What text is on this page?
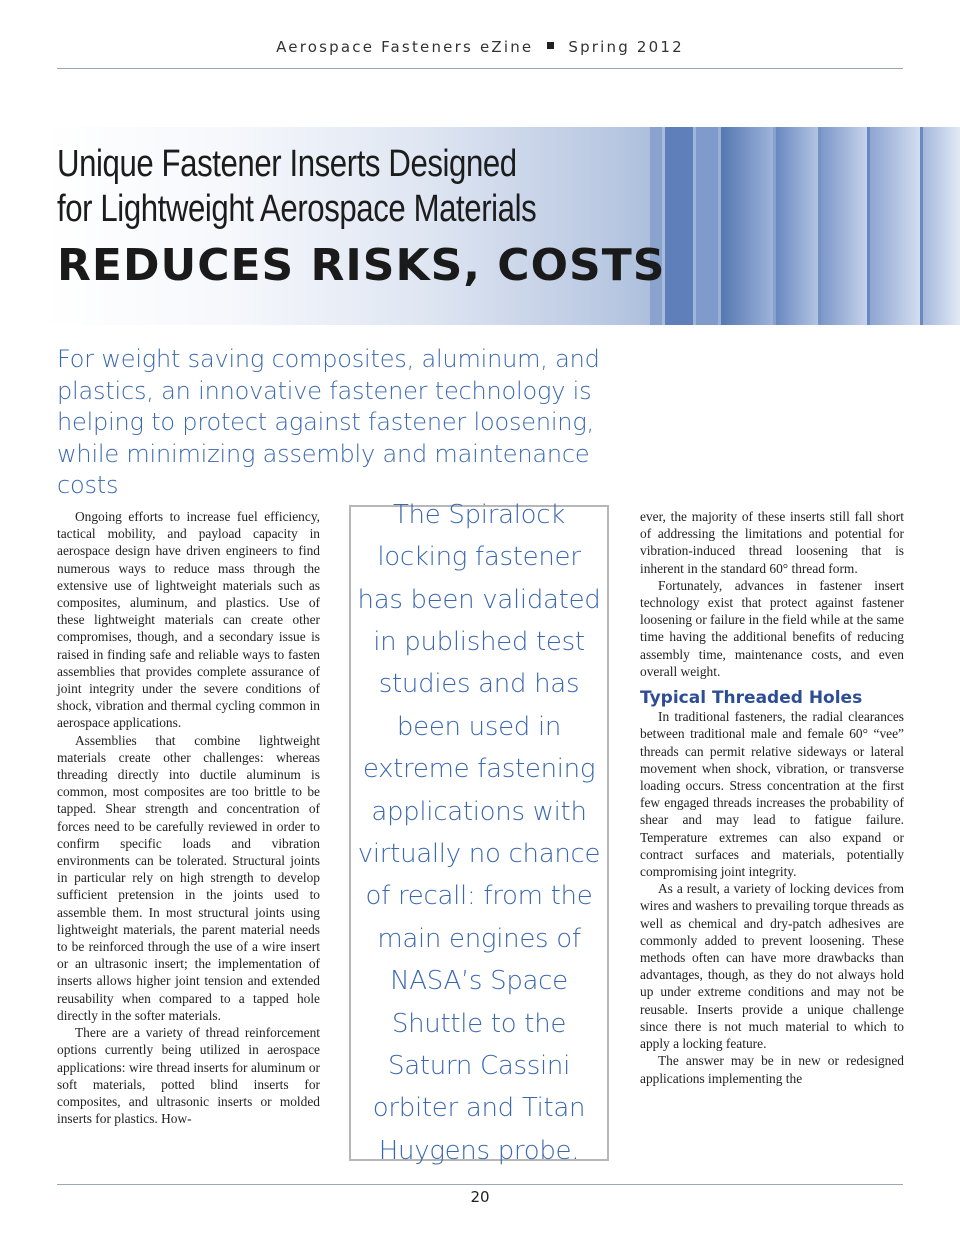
Aerospace Fasteners eZine Spring 2012
Unique Fastener Inserts Designed
for Lightweight Aerospace Materials
REDUCES RISKS, COSTS
For weight saving composites, aluminum, and plastics, an innovative fastener technology is helping to protect against fastener loosening, while minimizing assembly and maintenance costs

Ongoing efforts to increase fuel efficiency, tactical mobility, and payload capacity in aerospace design have driven engineers to find numerous ways to reduce mass through the extensive use of lightweight materials such as composites, aluminum, and plastics. Use of these lightweight materials can create other compromises, though, and a secondary issue is raised in finding safe and reliable ways to fasten assemblies that provides complete assurance of joint integrity under the severe conditions of shock, vibration and thermal cycling common in aerospace applications.

Assemblies that combine lightweight materials create other challenges: whereas threading directly into ductile aluminum is common, most composites are too brittle to be tapped. Shear strength and concentration of forces need to be carefully reviewed in order to confirm specific loads and vibration environments can be tolerated. Structural joints in particular rely on high strength to develop sufficient pretension in the joints used to assemble them. In most structural joints using lightweight materials, the parent material needs to be reinforced through the use of a wire insert or an ultrasonic insert; the implementation of inserts allows higher joint tension and extended reusability when compared to a tapped hole directly in the softer materials.

There are a variety of thread reinforcement options currently being utilized in aerospace applications: wire thread inserts for aluminum or soft materials, potted blind inserts for composites, and ultrasonic inserts or molded inserts for plastics. How-

The Spiralock locking fastener has been validated in published test studies and has been used in extreme fastening applications with virtually no chance of recall: from the main engines of NASA’s Space Shuttle to the Saturn Cassini orbiter and Titan Huygens probe.

ever, the majority of these inserts still fall short of addressing the limitations and potential for vibration-induced thread loosening that is inherent in the standard 60° thread form.

Fortunately, advances in fastener insert technology exist that protect against fastener loosening or failure in the field while at the same time having the additional benefits of reducing assembly time, maintenance costs, and even overall weight.

Typical Threaded Holes

In traditional fasteners, the radial clearances between traditional male and female 60° “vee” threads can permit relative sideways or lateral movement when shock, vibration, or transverse loading occurs. Stress concentration at the first few engaged threads increases the probability of shear and may lead to fatigue failure. Temperature extremes can also expand or contract surfaces and materials, potentially compromising joint integrity.

As a result, a variety of locking devices from wires and washers to prevailing torque threads as well as chemical and dry-patch adhesives are commonly added to prevent loosening. These methods often can have more drawbacks than advantages, though, as they do not always hold up under extreme conditions and may not be reusable. Inserts provide a unique challenge since there is not much material to which to apply a locking feature.

The answer may be in new or redesigned applications implementing the

20
